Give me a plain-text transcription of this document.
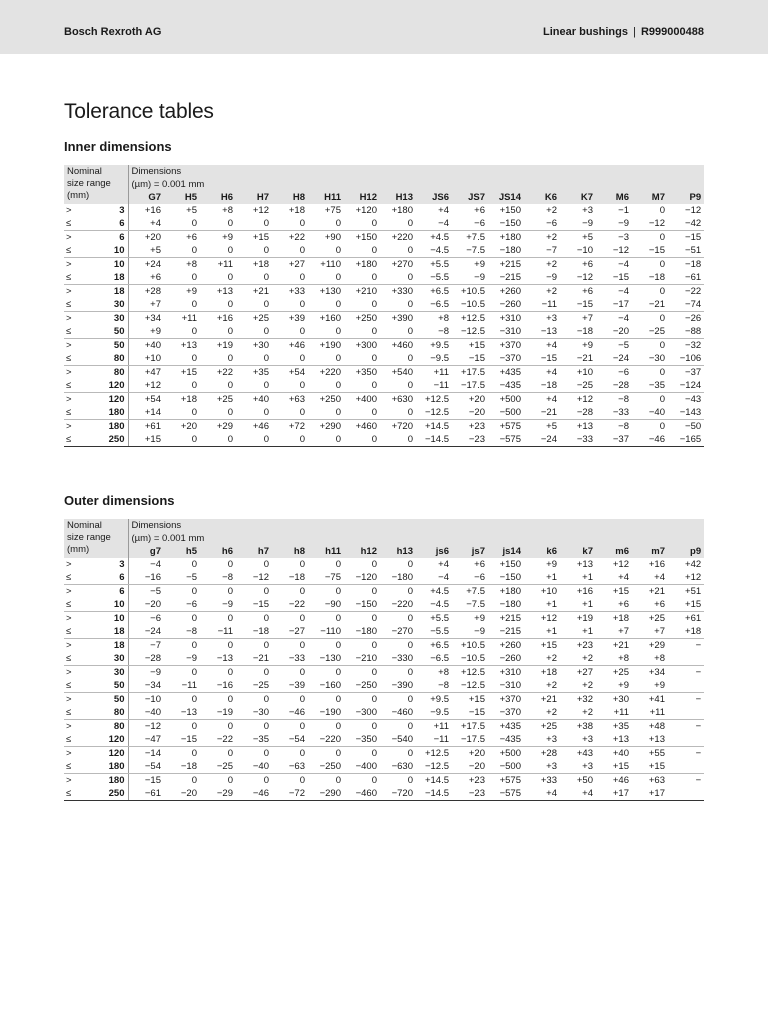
Bosch Rexroth AG	Linear bushings | R999000488
Tolerance tables
Inner dimensions
Nominal
size range
(mm)		Dimensions															
		(µm) = 0.001 mm															
		G7	H5	H6	H7	H8	H11	H12	H13	JS6	JS7	JS14	K6	K7	M6	M7	P9
>	3	+16	+5	+8	+12	+18	+75	+120	+180	+4	+6	+150	+2	+3	−1	0	−12
≤	6	+4	0	0	0	0	0	0	0	−4	−6	−150	−6	−9	−9	−12	−42
>	6	+20	+6	+9	+15	+22	+90	+150	+220	+4.5	+7.5	+180	+2	+5	−3	0	−15
≤	10	+5	0	0	0	0	0	0	0	−4.5	−7.5	−180	−7	−10	−12	−15	−51
>	10	+24	+8	+11	+18	+27	+110	+180	+270	+5.5	+9	+215	+2	+6	−4	0	−18
≤	18	+6	0	0	0	0	0	0	0	−5.5	−9	−215	−9	−12	−15	−18	−61
>	18	+28	+9	+13	+21	+33	+130	+210	+330	+6.5	+10.5	+260	+2	+6	−4	0	−22
≤	30	+7	0	0	0	0	0	0	0	−6.5	−10.5	−260	−11	−15	−17	−21	−74
>	30	+34	+11	+16	+25	+39	+160	+250	+390	+8	+12.5	+310	+3	+7	−4	0	−26
≤	50	+9	0	0	0	0	0	0	0	−8	−12.5	−310	−13	−18	−20	−25	−88
>	50	+40	+13	+19	+30	+46	+190	+300	+460	+9.5	+15	+370	+4	+9	−5	0	−32
≤	80	+10	0	0	0	0	0	0	0	−9.5	−15	−370	−15	−21	−24	−30	−106
>	80	+47	+15	+22	+35	+54	+220	+350	+540	+11	+17.5	+435	+4	+10	−6	0	−37
≤	120	+12	0	0	0	0	0	0	0	−11	−17.5	−435	−18	−25	−28	−35	−124
>	120	+54	+18	+25	+40	+63	+250	+400	+630	+12.5	+20	+500	+4	+12	−8	0	−43
≤	180	+14	0	0	0	0	0	0	0	−12.5	−20	−500	−21	−28	−33	−40	−143
>	180	+61	+20	+29	+46	+72	+290	+460	+720	+14.5	+23	+575	+5	+13	−8	0	−50
≤	250	+15	0	0	0	0	0	0	0	−14.5	−23	−575	−24	−33	−37	−46	−165
Outer dimensions
Nominal
size range
(mm)		Dimensions															
		(µm) = 0.001 mm															
		g7	h5	h6	h7	h8	h11	h12	h13	js6	js7	js14	k6	k7	m6	m7	p9
>	3	−4	0	0	0	0	0	0	0	+4	+6	+150	+9	+13	+12	+16	+42
≤	6	−16	−5	−8	−12	−18	−75	−120	−180	−4	−6	−150	+1	+1	+4	+4	+12
>	6	−5	0	0	0	0	0	0	0	+4.5	+7.5	+180	+10	+16	+15	+21	+51
≤	10	−20	−6	−9	−15	−22	−90	−150	−220	−4.5	−7.5	−180	+1	+1	+6	+6	+15
>	10	−6	0	0	0	0	0	0	0	+5.5	+9	+215	+12	+19	+18	+25	+61
≤	18	−24	−8	−11	−18	−27	−110	−180	−270	−5.5	−9	−215	+1	+1	+7	+7	+18
>	18	−7	0	0	0	0	0	0	0	+6.5	+10.5	+260	+15	+23	+21	+29	−
≤	30	−28	−9	−13	−21	−33	−130	−210	−330	−6.5	−10.5	−260	+2	+2	+8	+8	
>	30	−9	0	0	0	0	0	0	0	+8	+12.5	+310	+18	+27	+25	+34	−
≤	50	−34	−11	−16	−25	−39	−160	−250	−390	−8	−12.5	−310	+2	+2	+9	+9	
>	50	−10	0	0	0	0	0	0	0	+9.5	+15	+370	+21	+32	+30	+41	−
≤	80	−40	−13	−19	−30	−46	−190	−300	−460	−9.5	−15	−370	+2	+2	+11	+11	
>	80	−12	0	0	0	0	0	0	0	+11	+17.5	+435	+25	+38	+35	+48	−
≤	120	−47	−15	−22	−35	−54	−220	−350	−540	−11	−17.5	−435	+3	+3	+13	+13	
>	120	−14	0	0	0	0	0	0	0	+12.5	+20	+500	+28	+43	+40	+55	−
≤	180	−54	−18	−25	−40	−63	−250	−400	−630	−12.5	−20	−500	+3	+3	+15	+15	
>	180	−15	0	0	0	0	0	0	0	+14.5	+23	+575	+33	+50	+46	+63	−
≤	250	−61	−20	−29	−46	−72	−290	−460	−720	−14.5	−23	−575	+4	+4	+17	+17	
